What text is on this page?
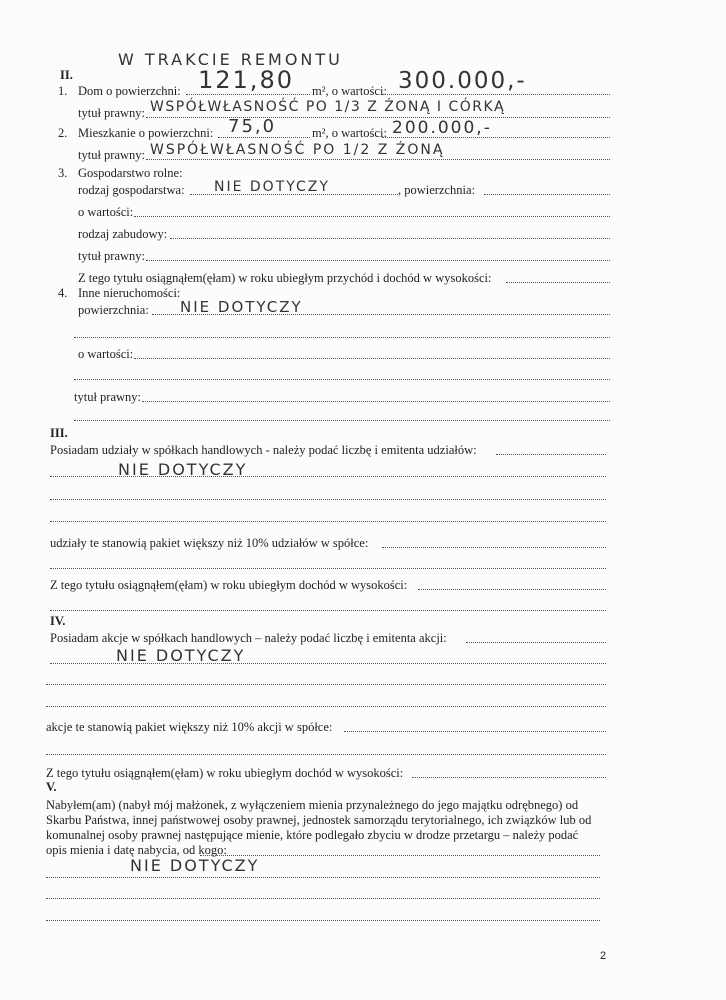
W TRAKCIE REMONTU
II.
1. Dom o powierzchni: 121,80 m², o wartości: 300.000,-
tytuł prawny: WSPÓŁWŁASNOŚĆ PO 1/3 Z ŻONĄ I CÓRKĄ
2. Mieszkanie o powierzchni: 75,0	m², o wartości: 200.000,-
tytuł prawny: WSPÓŁWŁASNOŚĆ PO 1/2 Z ŻONĄ
3. Gospodarstwo rolne:
rodzaj gospodarstwa: NIE DOTYCZY	, powierzchnia:
o wartości:
rodzaj zabudowy:
tytuł prawny:
Z tego tytułu osiągnąłem(ęłam) w roku ubiegłym przychód i dochód w wysokości:
4. Inne nieruchomości:
powierzchnia: NIE DOTYCZY
o wartości:
tytuł prawny:
III.
Posiadam udziały w spółkach handlowych - należy podać liczbę i emitenta udziałów:
NIE DOTYCZY
udziały te stanowią pakiet większy niż 10% udziałów w spółce:
Z tego tytułu osiągnąłem(ęłam) w roku ubiegłym dochód w wysokości:
IV.
Posiadam akcje w spółkach handlowych – należy podać liczbę i emitenta akcji:
NIE DOTYCZY
akcje te stanowią pakiet większy niż 10% akcji w spółce:
Z tego tytułu osiągnąłem(ęłam) w roku ubiegłym dochód w wysokości:
V.
Nabyłem(am) (nabył mój małżonek, z wyłączeniem mienia przynależnego do jego majątku odrębnego) od
Skarbu Państwa, innej państwowej osoby prawnej, jednostek samorządu terytorialnego, ich związków lub od
komunalnej osoby prawnej następujące mienie, które podlegało zbyciu w drodze przetargu – należy podać
opis mienia i datę nabycia, od kogo:
NIE DOTYCZY
2
